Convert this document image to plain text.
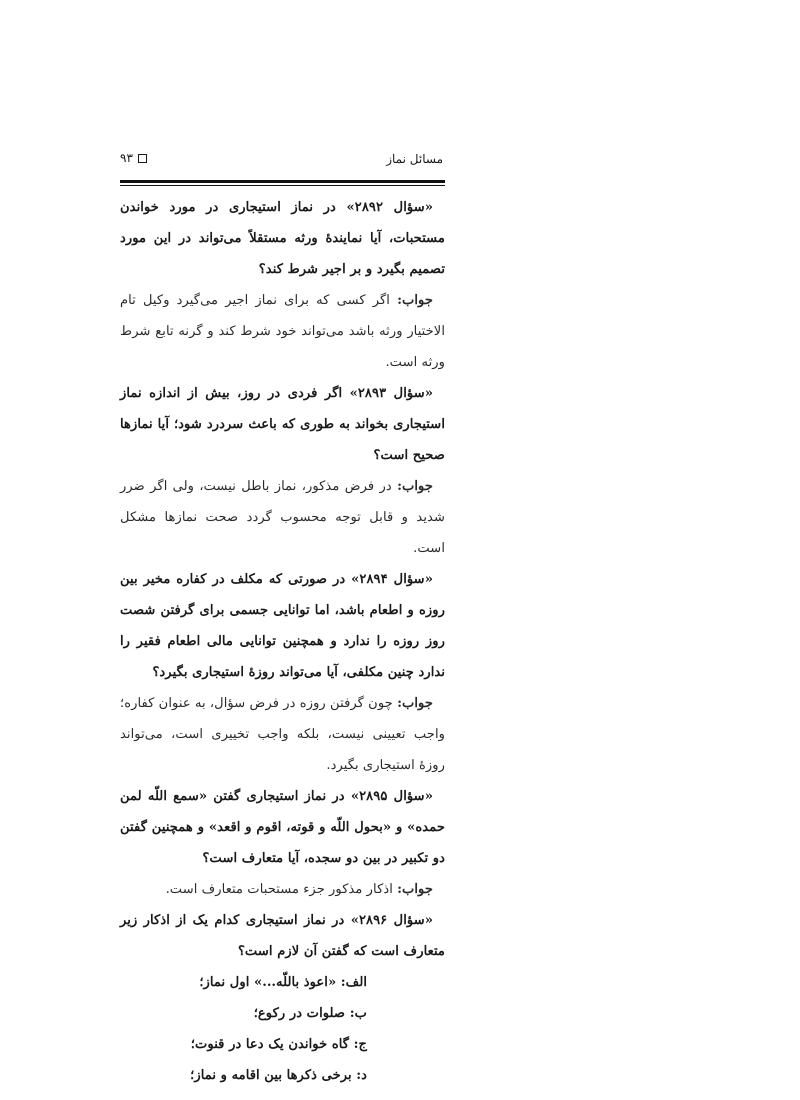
مسائل نماز
۹۳

«سؤال ۲۸۹۲» در نماز استیجاری در مورد خواندن مستحبات، آیا نمایندهٔ ورثه مستقلاً می‌تواند در این مورد تصمیم بگیرد و بر اجیر شرط کند؟

جواب: اگر کسی که برای نماز اجیر می‌گیرد وکیل تام الاختیار ورثه باشد می‌تواند خود شرط کند و گرنه تابع شرط ورثه است.

«سؤال ۲۸۹۳» اگر فردی در روز، بیش از اندازه نماز استیجاری بخواند به طوری که باعث سردرد شود؛ آیا نمازها صحیح است؟

جواب: در فرض مذکور، نماز باطل نیست، ولی اگر ضرر شدید و قابل توجه محسوب گردد صحت نمازها مشکل است.

«سؤال ۲۸۹۴» در صورتی که مکلف در کفاره مخیر بین روزه و اطعام باشد، اما توانایی جسمی برای گرفتن شصت روز روزه را ندارد و همچنین توانایی مالی اطعام فقیر را ندارد چنین مکلفی، آیا می‌تواند روزهٔ استیجاری بگیرد؟

جواب: چون گرفتن روزه در فرض سؤال، به عنوان کفاره؛ واجب تعیینی نیست، بلکه واجب تخییری است، می‌تواند روزهٔ استیجاری بگیرد.

«سؤال ۲۸۹۵» در نماز استیجاری گفتن «سمع اللّه لمن حمده» و «بحول اللّه و قوته، اقوم و اقعد» و همچنین گفتن دو تکبیر در بین دو سجده، آیا متعارف است؟

جواب: اذکار مذکور جزء مستحبات متعارف است.

«سؤال ۲۸۹۶» در نماز استیجاری کدام یک از اذکار زیر متعارف است که گفتن آن لازم است؟

الف: «اعوذ باللّه...» اول نماز؛

ب: صلوات در رکوع؛

ج: گاه خواندن یک دعا در قنوت؛

د: برخی ذکرها بین اقامه و نماز؛
